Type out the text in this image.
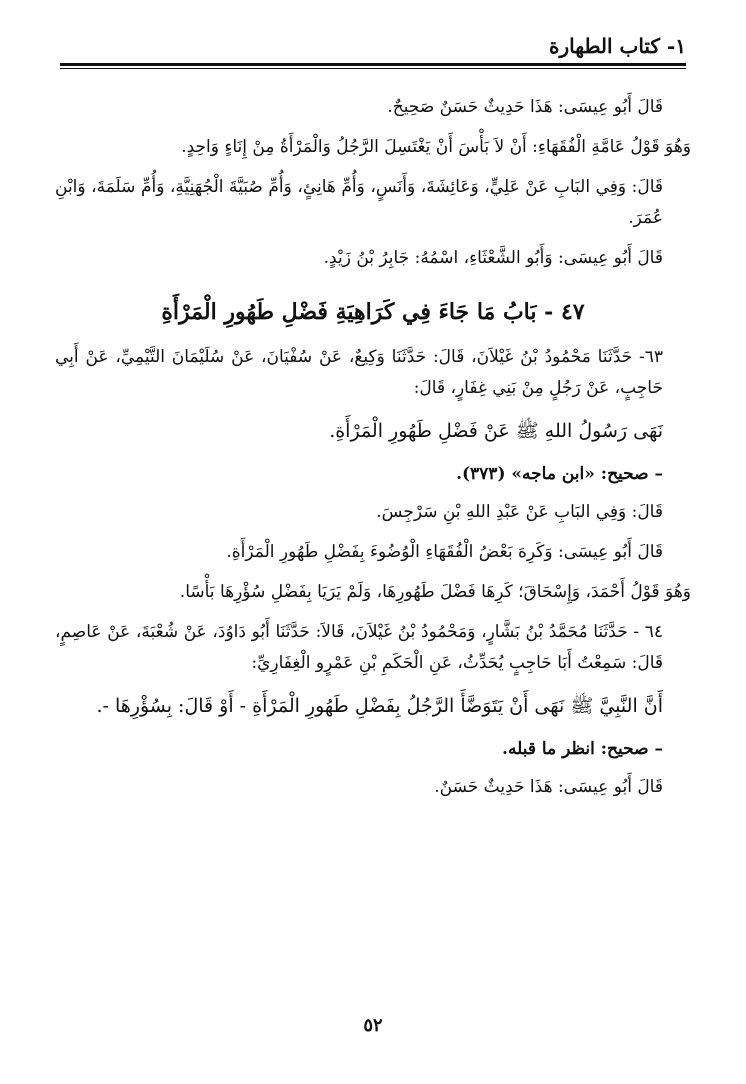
١- كتاب الطهارة

قَالَ أَبُو عِيسَى: هَذَا حَدِيثٌ حَسَنٌ صَحِيحٌ.

وَهُوَ قَوْلُ عَامَّةِ الْفُقَهَاءِ: أَنْ لاَ بَأْسَ أَنْ يَغْتَسِلَ الرَّجُلُ وَالْمَرْأَةُ مِنْ إِنَاءٍ وَاحِدٍ.

قَالَ: وَفِي البَابِ عَنْ عَلِيٍّ، وَعَائِشَةَ، وَأَنَسٍ، وَأُمِّ هَانِئٍ، وَأُمِّ صُبَيَّةَ الْجُهَنِيَّةِ، وَأُمِّ سَلَمَةَ، وَابْنِ عُمَرَ.

قَالَ أَبُو عِيسَى: وَأَبُو الشَّعْثَاءِ، اسْمُهُ: جَابِرُ بْنُ زَيْدٍ.

٤٧ - بَابُ مَا جَاءَ فِي كَرَاهِيَةِ فَضْلِ طَهُورِ الْمَرْأَةِ

٦٣- حَدَّثَنَا مَحْمُودُ بْنُ غَيْلاَنَ، قَالَ: حَدَّثَنَا وَكِيعٌ، عَنْ سُفْيَانَ، عَنْ سُلَيْمَانَ التَّيْمِيِّ، عَنْ أَبِي حَاجِبٍ، عَنْ رَجُلٍ مِنْ بَنِي غِفَارٍ، قَالَ:

نَهَى رَسُولُ اللهِ ﷺ عَنْ فَضْلِ طَهُورِ الْمَرْأَةِ.
– صحيح: «ابن ماجه» (٣٧٣).

قَالَ: وَفِي البَابِ عَنْ عَبْدِ اللهِ بْنِ سَرْجِسَ.

قَالَ أَبُو عِيسَى: وَكَرِهَ بَعْضُ الْفُقَهَاءِ الْوُضُوءَ بِفَضْلِ طَهُورِ الْمَرْأَةِ.

وَهُوَ قَوْلُ أَحْمَدَ، وَإِسْحَاقَ؛ كَرِهَا فَضْلَ طَهُورِهَا، وَلَمْ يَرَيَا بِفَضْلِ سُؤْرِهَا بَأْسًا.

٦٤ - حَدَّثَنَا مُحَمَّدُ بْنُ بَشَّارٍ، وَمَحْمُودُ بْنُ غَيْلاَنَ، قَالاَ: حَدَّثَنَا أَبُو دَاوُدَ، عَنْ شُعْبَةَ، عَنْ عَاصِمٍ، قَالَ: سَمِعْتُ أَبَا حَاجِبٍ يُحَدِّثُ، عَنِ الْحَكَمِ بْنِ عَمْرٍو الْغِفَارِيِّ:

أَنَّ النَّبِيَّ ﷺ نَهَى أَنْ يَتَوَضَّأَ الرَّجُلُ بِفَضْلِ طَهُورِ الْمَرْأَةِ - أَوْ قَالَ: بِسُؤْرِهَا -.
– صحيح: انظر ما قبله.

قَالَ أَبُو عِيسَى: هَذَا حَدِيثٌ حَسَنٌ.

٥٢
